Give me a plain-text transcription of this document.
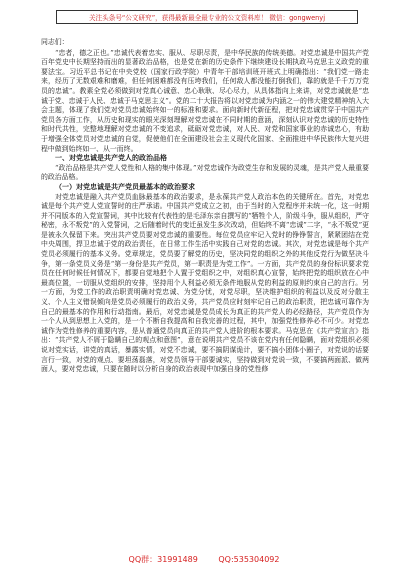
关注头条号“公文研究”，获得最新最全最专业的公文资料库！ 微信：gongwenyj

同志们：

“忠者，德之正也。”忠诚代表着忠实、服从、尽职尽责，是中华民族的传统美德。对党忠诚是中国共产党百年党史中长期坚持而出的显著政治品格，也是党在新的历史条件下继续建设长期执政马克思主义政党的重要法宝。习近平总书记在中央党校（国家行政学院）中青年干部培训班开班式上明确指出：“我们党一路走来，经历了无数艰难和磨难，但任何困难都没有压垮我们，任何敌人都没能打倒我们，靠的就是千千万万党员的忠诚”。教素全党必须做到对党真心诚意、忠心耿耿、尽心尽力，从具体指向上来讲，对党忠诚就是“忠诚于党、忠诚于人民、忠诚于马克思主义”。党的二十大报告将以对党忠诚为内涵之一的伟大建党精神纳入大会主题，体现了我们党对党员忠诚始终如一的标准和要求。面向新时代新征程，把对党忠诚贯穿于中国共产党员各方面工作，从历史和现实的眼光深刻理解对党忠诚在不同时期的意涵，深刻认识对党忠诚的历史特性和时代共性，完整地理解对党忠诚的不变追求，砥砺对党忠诚，对人民、对党和国家事业的赤诚忠心，有助于增强全体党员对党忠诚的自觉，促使他们在全面建设社会主义现代化国家、全面推进中华民族伟大复兴进程中做到始终如一、从一而终。

一、对党忠诚是共产党人的政治品格

“政治品格是共产党人党性和人格的集中体现。”对党忠诚作为政党生存和发展的灵魂，是共产党人最重要的政治品格。

（一）对党忠诚是共产党员最基本的政治要求

对党忠诚是融入共产党员血脉最基本的政治要求，是永葆共产党人政治本色的关键所在。首先，对党忠诚是每个共产党人党宣誓时的庄严承诺。中国共产党成立之初，由于当时的入党程序并未统一化，这一时期并不同版本的入党宣誓词，其中比较有代表性的是毛泽东亲自撰写的“牺牲个人，阶级斗争，服从组织，严守秘密，永不叛党”的入党誓词，之后随着时代的变迁虽发生多次改动，但始终不离“忠诚”二字，“永不叛党”更是被永久保留下来。突出共产党员要对党忠诚的重要性。每位党员应牢记入党时的铮铮誓言，紧紧团结在党中央周围，捍卫忠诚于党的政治责任，在日常工作生活中实践自己对党的忠诚。其次，对党忠诚是每个共产党员必须履行的基本义务。党章规定，党员要了解党的历史，坚决同党的组织之外的其他反党行为做坚决斗争，第一条党员义务是“第一身份是共产党员，第一职责是为党工作”。一方面，共产党员的身份标识要求党员在任何时候任何情况下，都要自觉地把个人置于党组织之中，对组织真心宣誓，始终把党的组织放在心中最高位置，一切服从党组织的安排，坚持用个人利益必须无条件地服从党的利益的原则约束自己的言行。另一方面，为党工作的政治职责明确对党忠诚、为党分忧，对党尽职，坚决维护组织的利益以及反对分散主义、个人主义错误倾向是党员必须履行的政治义务，共产党员应时刻牢记自己的政治职责，把忠诚可靠作为自己的最基本的作用和行动指南。最后，对党忠诚是党员成长为真正的共产党人的必经路径，共产党员作为一个人从到思想上入党的，是一个不断自我提高和自我完善的过程，其中，加强党性修养必不可少。对党忠诚作为党性修养的重要内容，是从普通党员向真正的共产党人进阶的根本要求。马克思在《共产党宣言》指出：“共产党人不屑于隐瞒自己的观点和意图”，意在说明共产党员不该在党内有任何隐瞒，面对党组织必须说对党实话，讲党的真话，暴露实情，对党不忠诚，要不搞阴谋诡计，要不搞小团体小圈子，对党说的话要言行一致，对党的观点、要坦荡磊落，对党员领导干部要诚实，坚持做到对党说一致，不要搞两面派、做两面人，要对党忠诚，只要在随时以分析自身的政治表现中加强自身的党性修

QQ群：31991489	QQ:535304092
